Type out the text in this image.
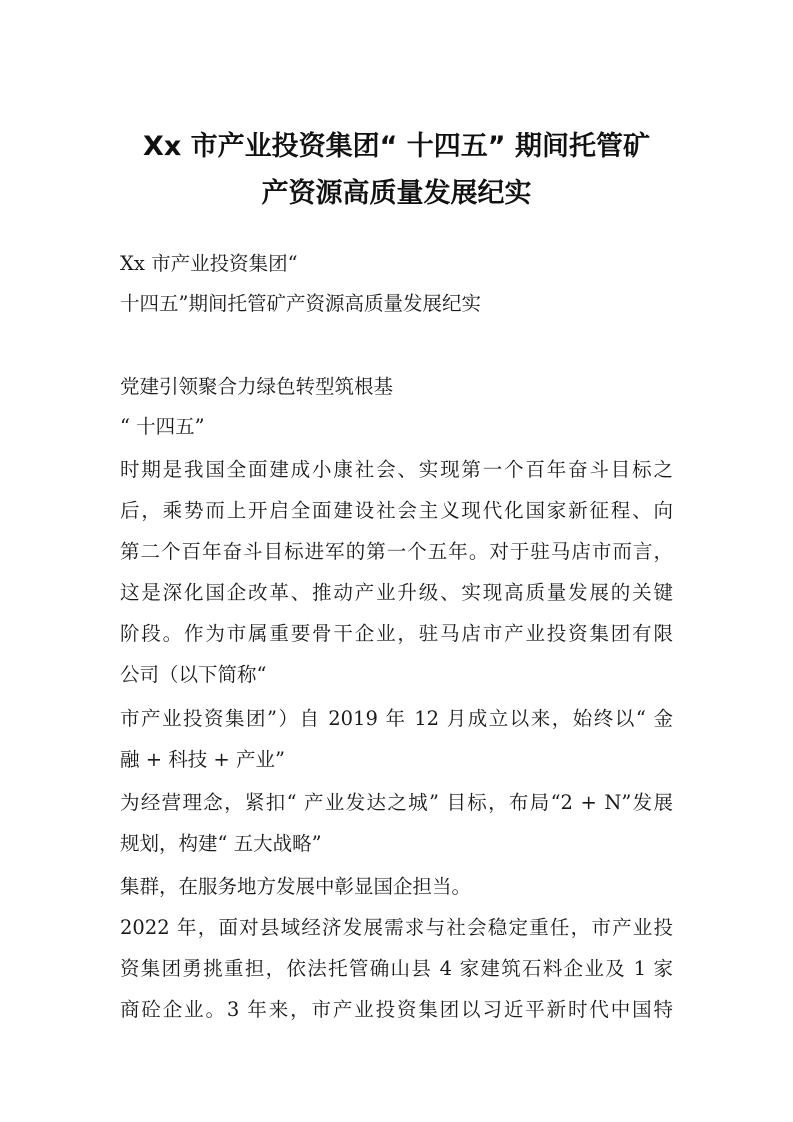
Xx 市产业投资集团“ 十四五” 期间托管矿
产资源高质量发展纪实
Xx 市产业投资集团“
十四五”期间托管矿产资源高质量发展纪实
党建引领聚合力绿色转型筑根基
“ 十四五”
时期是我国全面建成小康社会、实现第一个百年奋斗目标之
后，乘势而上开启全面建设社会主义现代化国家新征程、向
第二个百年奋斗目标进军的第一个五年。对于驻马店市而言，
这是深化国企改革、推动产业升级、实现高质量发展的关键
阶段。作为市属重要骨干企业，驻马店市产业投资集团有限
公司（以下简称“
市产业投资集团”）自 2019 年 12 月成立以来，始终以“ 金
融 + 科技 + 产业”
为经营理念，紧扣“ 产业发达之城” 目标，布局“2 + N”发展
规划，构建“ 五大战略”
集群，在服务地方发展中彰显国企担当。
2022 年，面对县域经济发展需求与社会稳定重任，市产业投
资集团勇挑重担，依法托管确山县 4 家建筑石料企业及 1 家
商砼企业。3 年来，市产业投资集团以习近平新时代中国特
